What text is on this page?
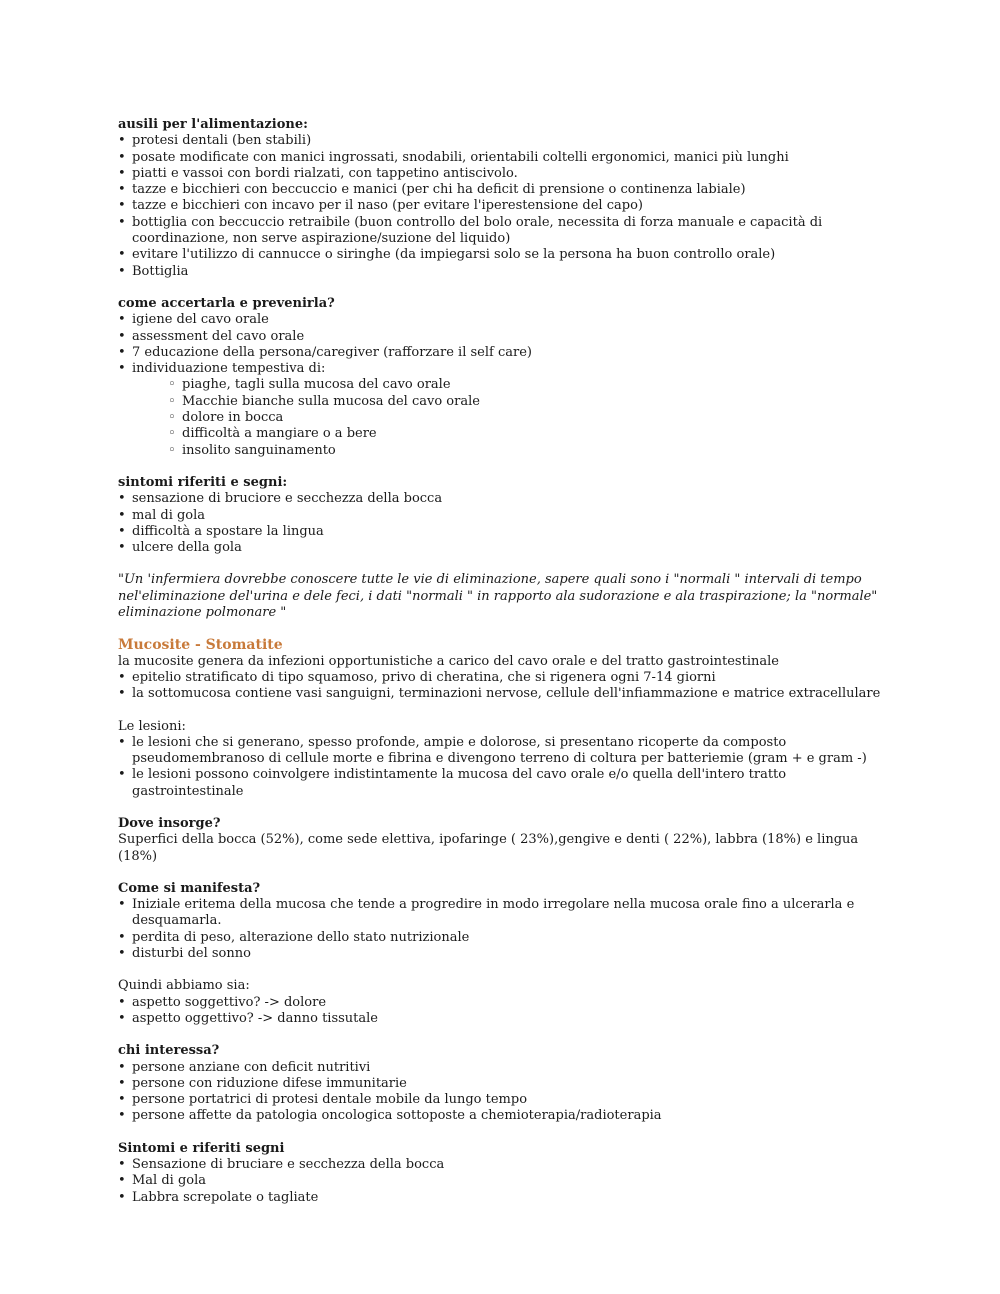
ausili per l'alimentazione:
• protesi dentali (ben stabili)
• posate modificate con manici ingrossati, snodabili, orientabili coltelli ergonomici, manici più lunghi
• piatti e vassoi con bordi rialzati, con tappetino antiscivolo.
• tazze e bicchieri con beccuccio e manici (per chi ha deficit di prensione o continenza labiale)
• tazze e bicchieri con incavo per il naso (per evitare l'iperestensione del capo)
• bottiglia con beccuccio retraibile (buon controllo del bolo orale, necessita di forza manuale e capacità di coordinazione, non serve aspirazione/suzione del liquido)
• evitare l'utilizzo di cannucce o siringhe (da impiegarsi solo se la persona ha buon controllo orale)
• Bottiglia
come accertarla e prevenirla?
• igiene del cavo orale
• assessment del cavo orale
• 7 educazione della persona/caregiver (rafforzare il self care)
• individuazione tempestiva di:
◦ piaghe, tagli sulla mucosa del cavo orale
◦ Macchie bianche sulla mucosa del cavo orale
◦ dolore in bocca
◦ difficoltà a mangiare o a bere
◦ insolito sanguinamento
sintomi riferiti e segni:
• sensazione di bruciore e secchezza della bocca
• mal di gola
• difficoltà a spostare la lingua
• ulcere della gola

"Un 'infermiera dovrebbe conoscere tutte le vie di eliminazione, sapere quali sono i "normali " intervali di tempo nel'eliminazione del'urina e dele feci, i dati "normali " in rapporto ala sudorazione e ala traspirazione; la "normale" eliminazione polmonare "

Mucosite - Stomatite

la mucosite genera da infezioni opportunistiche a carico del cavo orale e del tratto gastrointestinale

• epitelio stratificato di tipo squamoso, privo di cheratina, che si rigenera ogni 7-14 giorni
• la sottomucosa contiene vasi sanguigni, terminazioni nervose, cellule dell'infiammazione e matrice extracellulare

Le lesioni:

• le lesioni che si generano, spesso profonde, ampie e dolorose, si presentano ricoperte da composto pseudomembranoso di cellule morte e fibrina e divengono terreno di coltura per batteriemie (gram + e gram -)
• le lesioni possono coinvolgere indistintamente la mucosa del cavo orale e/o quella dell'intero tratto gastrointestinale
Dove insorge?

Superfici della bocca (52%), come sede elettiva, ipofaringe ( 23%),gengive e denti ( 22%), labbra (18%) e lingua (18%)

Come si manifesta?
• Iniziale eritema della mucosa che tende a progredire in modo irregolare nella mucosa orale fino a ulcerarla e desquamarla.
• perdita di peso, alterazione dello stato nutrizionale
• disturbi del sonno

Quindi abbiamo sia:

• aspetto soggettivo? -> dolore
• aspetto oggettivo? -> danno tissutale
chi interessa?
• persone anziane con deficit nutritivi
• persone con riduzione difese immunitarie
• persone portatrici di protesi dentale mobile da lungo tempo
• persone affette da patologia oncologica sottoposte a chemioterapia/radioterapia
Sintomi e riferiti segni
• Sensazione di bruciare e secchezza della bocca
• Mal di gola
• Labbra screpolate o tagliate
